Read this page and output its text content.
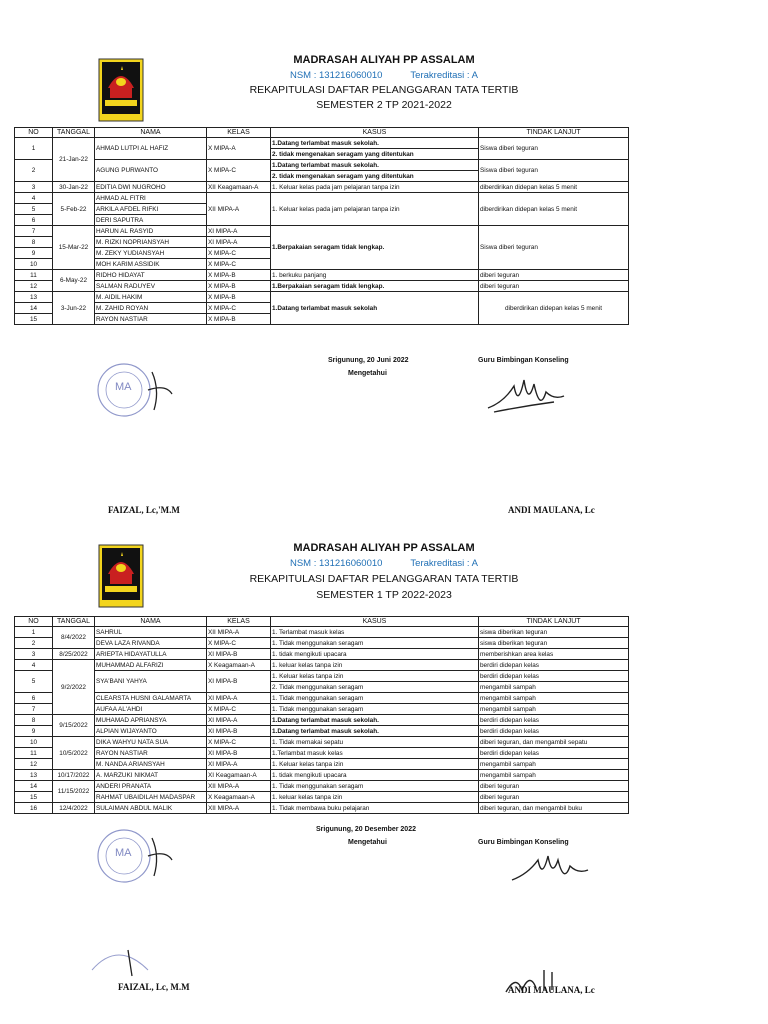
MADRASAH ALIYAH PP ASSALAM
NSM : 131216060010	Terakreditasi : A
REKAPITULASI DAFTAR PELANGGARAN TATA TERTIB
SEMESTER 2 TP 2021-2022
NO	TANGGAL	NAMA	KELAS	KASUS	TINDAK LANJUT
1	21-Jan-22	AHMAD LUTPI AL HAFIZ	X MIPA-A	1.Datang terlambat masuk sekolah.	Siswa diberi teguran
				2. tidak mengenakan seragam yang ditentukan	
2		AGUNG PURWANTO	X MIPA-C	1.Datang terlambat masuk sekolah.	Siswa diberi teguran
				2. tidak mengenakan seragam yang ditentukan	
3	30-Jan-22	EDITIA DWI NUGROHO	XII Keagamaan-A	1. Keluar kelas pada jam pelajaran tanpa izin	diberdirikan didepan kelas 5 menit
4	5-Feb-22	AHMAD AL FITRI	XII MIPA-A	1. Keluar kelas pada jam pelajaran tanpa izin	diberdirikan didepan kelas 5 menit
5		ARKILA AFDEL RIFKI			
6		DERI SAPUTRA			
7	15-Mar-22	HARUN AL RASYID	XI MIPA-A	1.Berpakaian seragam tidak lengkap.	Siswa diberi teguran
8		M. RIZKI NOPRIANSYAH	XI MIPA-A		
9		M. ZEKY YUDIANSYAH	X MIPA-C		
10		MOH KARIM ASSIDIK	X MIPA-C		
11	6-May-22	RIDHO HIDAYAT	X MIPA-B	1. berkuku panjang	diberi teguran
12		SALMAN RADUYEV	X MIPA-B	1.Berpakaian seragam tidak lengkap.	diberi teguran
13	3-Jun-22	M. AIDIL HAKIM	X MIPA-B	1.Datang terlambat masuk sekolah	diberdirikan didepan kelas 5 menit
14		M. ZAHID ROYAN	X MIPA-C		
15		RAYON NASTIAR	X MIPA-B		
Srigunung, 20 Juni 2022	Guru Bimbingan Konseling
Mengetahui
MA
FAIZAL, Lc,'M.M	ANDI MAULANA, Lc
MADRASAH ALIYAH PP ASSALAM
NSM : 131216060010	Terakreditasi : A
REKAPITULASI DAFTAR PELANGGARAN TATA TERTIB
SEMESTER 1 TP 2022-2023
NO	TANGGAL	NAMA	KELAS	KASUS	TINDAK LANJUT
1	8/4/2022	SAHRUL	XII MIPA-A	1. Terlambat masuk kelas	siswa diberikan teguran
2		DEVA LAZA RIVANDA	X MIPA-C	1. Tidak menggunakan seragam	siswa diberikan teguran
3	8/25/2022	ARIEPTA HIDAYATULLA	XI MIPA-B	1. tidak mengikuti upacara	memberishkan area kelas
4	9/2/2022	MUHAMMAD ALFARIZI	X Keagamaan-A	1. keluar kelas tanpa izin	berdiri didepan kelas
5		SYA'BANI YAHYA	XI MIPA-B	1. Keluar kelas tanpa izin	berdiri didepan kelas
				2. Tidak menggunakan seragam	mengambil sampah
6		CLEARSTA HUSNI GALAMARTA	XI MIPA-A	1. Tidak menggunakan seragam	mengambil sampah
7		AUFAA AL'AHDI	X MIPA-C	1. Tidak menggunakan seragam	mengambil sampah
8	9/15/2022	MUHAMAD APRIANSYA	XI MIPA-A	1.Datang terlambat masuk sekolah.	berdiri didepan kelas
9		ALPIAN WIJAYANTO	XI MIPA-B	1.Datang terlambat masuk sekolah.	berdiri didepan kelas
10	10/5/2022	DIKA WAHYU NATA SUA	X MIPA-C	1. Tidak memakai sepatu	diberi teguran, dan mengambil sepatu
11		RAYON NASTIAR	XI MIPA-B	1.Terlambat masuk kelas	berdiri didepan kelas
12		M. NANDA ARIANSYAH	XI MIPA-A	1. Keluar kelas tanpa izin	mengambil sampah
13	10/17/2022	A. MARZUKI NIKMAT	XI Keagamaan-A	1. tidak mengikuti upacara	mengambil sampah
14	11/15/2022	ANDERI PRANATA	XII MIPA-A	1. Tidak menggunakan seragam	diberi teguran
15		RAHMAT UBAIDILAH MADASPAR	X Keagamaan-A	1. keluar kelas tanpa izin	diberi teguran
16	12/4/2022	SULAIMAN ABDUL MALIK	XII MIPA-A	1. Tidak membawa buku pelajaran	diberi teguran, dan mengambil buku
Srigunung, 20 Desember 2022
Mengetahui	Guru Bimbingan Konseling
MA
FAIZAL, Lc, M.M	ANDI MAULANA, Lc
